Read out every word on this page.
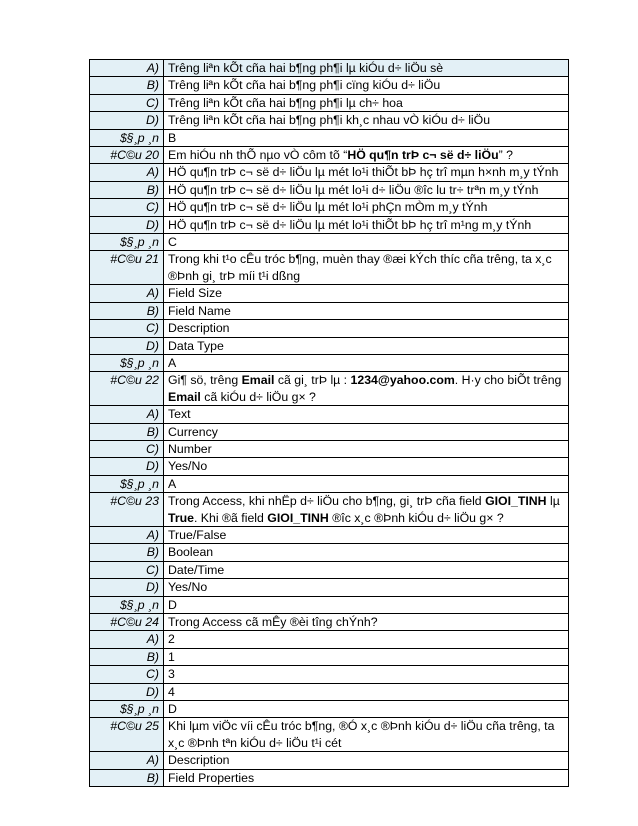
A)	Trêng liªn kÕt cña hai b¶ng ph¶i lµ kiÓu d÷ liÖu sè
B)	Trêng liªn kÕt cña hai b¶ng ph¶i cïng kiÓu d÷ liÖu
C)	Trêng liªn kÕt cña hai b¶ng ph¶i lµ ch÷ hoa
D)	Trêng liªn kÕt cña hai b¶ng ph¶i kh¸c nhau vÒ kiÓu d÷ liÖu
$§¸p ¸n	B
#C©u 20	Em hiÓu nh thÕ nµo vÒ côm tõ “HÖ qu¶n trÞ c¬ së d÷ liÖu” ?
A)	HÖ qu¶n trÞ c¬ së d÷ liÖu lµ mét lo¹i thiÕt bÞ hç trî mµn h×nh m¸y tÝnh
B)	HÖ qu¶n trÞ c¬ së d÷ liÖu lµ mét lo¹i d÷ liÖu ®îc lu tr÷ trªn m¸y tÝnh
C)	HÖ qu¶n trÞ c¬ së d÷ liÖu lµ mét lo¹i phÇn mÒm m¸y tÝnh
D)	HÖ qu¶n trÞ c¬ së d÷ liÖu lµ mét lo¹i thiÕt bÞ hç trî m¹ng m¸y tÝnh
$§¸p ¸n	C
#C©u 21	Trong khi t¹o cÊu tróc b¶ng, muèn thay ®æi kÝch thíc cña trêng, ta x¸c ®Þnh gi¸ trÞ míi t¹i dßng
A)	Field Size
B)	Field Name
C)	Description
D)	Data Type
$§¸p ¸n	A
#C©u 22	Gi¶ sö, trêng Email cã gi¸ trÞ lµ : 1234@yahoo.com. H·y cho biÕt trêng Email cã kiÓu d÷ liÖu g× ?
A)	Text
B)	Currency
C)	Number
D)	Yes/No
$§¸p ¸n	A
#C©u 23	Trong Access, khi nhËp d÷ liÖu cho b¶ng, gi¸ trÞ cña field GIOI_TINH lµ True. Khi ®ã field GIOI_TINH ®îc x¸c ®Þnh kiÓu d÷ liÖu g× ?
A)	True/False
B)	Boolean
C)	Date/Time
D)	Yes/No
$§¸p ¸n	D
#C©u 24	Trong Access cã mÊy ®èi tîng chÝnh?
A)	2
B)	1
C)	3
D)	4
$§¸p ¸n	D
#C©u 25	Khi lµm viÖc víi cÊu tróc b¶ng, ®Ó x¸c ®Þnh kiÓu d÷ liÖu cña trêng, ta x¸c ®Þnh tªn kiÓu d÷ liÖu t¹i cét
A)	Description
B)	Field Properties
